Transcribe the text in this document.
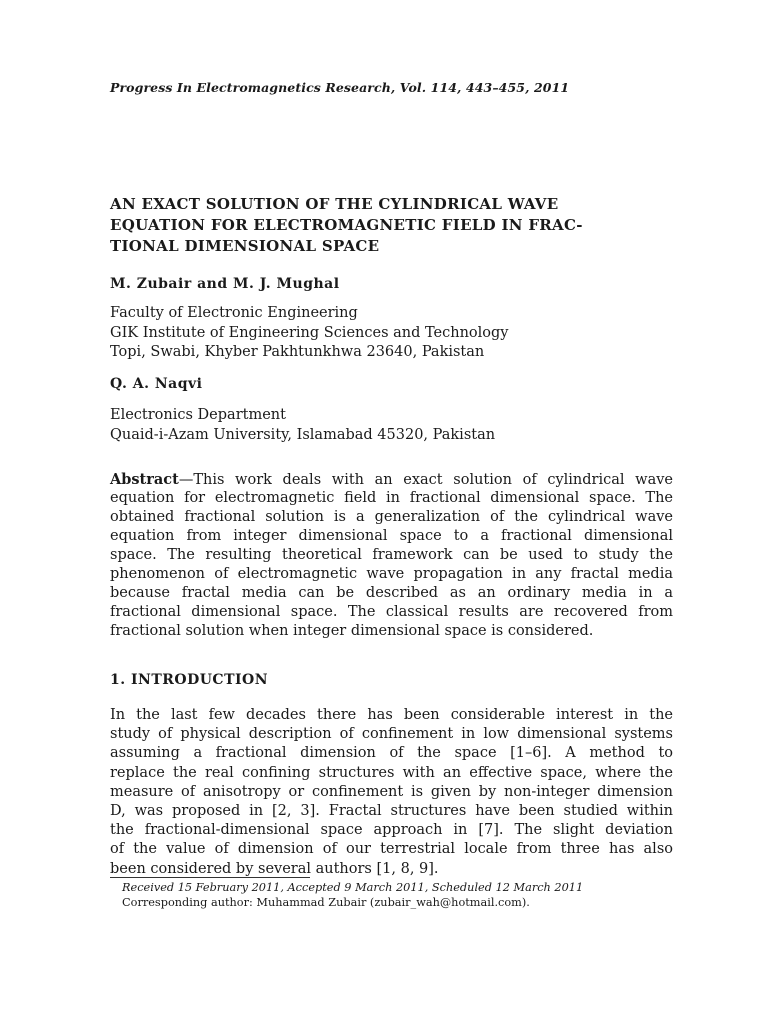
Progress In Electromagnetics Research, Vol. 114, 443–455, 2011
AN EXACT SOLUTION OF THE CYLINDRICAL WAVE
EQUATION FOR ELECTROMAGNETIC FIELD IN FRAC-
TIONAL DIMENSIONAL SPACE
M. Zubair and M. J. Mughal
Faculty of Electronic Engineering
GIK Institute of Engineering Sciences and Technology
Topi, Swabi, Khyber Pakhtunkhwa 23640, Pakistan
Q. A. Naqvi
Electronics Department
Quaid-i-Azam University, Islamabad 45320, Pakistan
Abstract—This work deals with an exact solution of cylindrical wave
equation for electromagnetic field in fractional dimensional space. The
obtained fractional solution is a generalization of the cylindrical wave
equation from integer dimensional space to a fractional dimensional
space. The resulting theoretical framework can be used to study the
phenomenon of electromagnetic wave propagation in any fractal media
because fractal media can be described as an ordinary media in a
fractional dimensional space. The classical results are recovered from
fractional solution when integer dimensional space is considered.
1. INTRODUCTION
In the last few decades there has been considerable interest in the
study of physical description of confinement in low dimensional systems
assuming a fractional dimension of the space [1–6]. A method to
replace the real confining structures with an effective space, where the
measure of anisotropy or confinement is given by non-integer dimension
D, was proposed in [2, 3]. Fractal structures have been studied within
the fractional-dimensional space approach in [7]. The slight deviation
of the value of dimension of our terrestrial locale from three has also
been considered by several authors [1, 8, 9].
Received 15 February 2011, Accepted 9 March 2011, Scheduled 12 March 2011
Corresponding author: Muhammad Zubair (zubair_wah@hotmail.com).
